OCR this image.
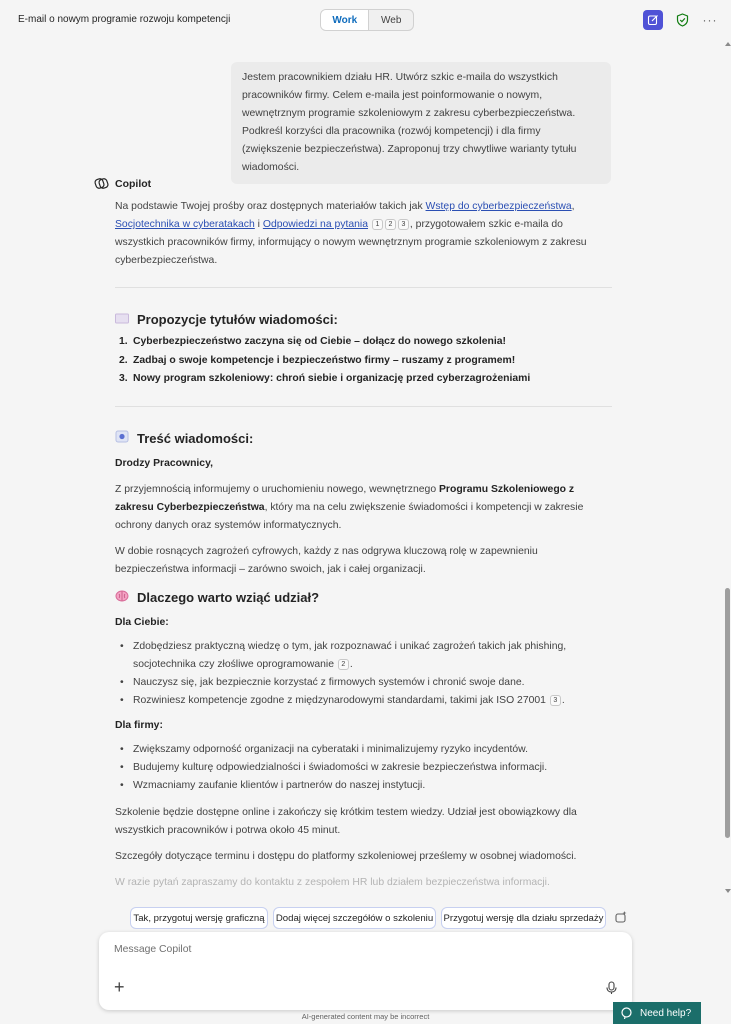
E-mail o nowym programie rozwoju kompetencji	Work	Web	···
Jestem pracownikiem działu HR. Utwórz szkic e-maila do wszystkich pracowników firmy. Celem e-maila jest poinformowanie o nowym, wewnętrznym programie szkoleniowym z zakresu cyberbezpieczeństwa. Podkreśl korzyści dla pracownika (rozwój kompetencji) i dla firmy (zwiększenie bezpieczeństwa). Zaproponuj trzy chwytliwe warianty tytułu wiadomości.
Copilot
Na podstawie Twojej prośby oraz dostępnych materiałów takich jak Wstęp do cyberbezpieczeństwa, Socjotechnika w cyberatakach i Odpowiedzi na pytania 1 2 3 , przygotowałem szkic e-maila do wszystkich pracowników firmy, informujący o nowym wewnętrznym programie szkoleniowym z zakresu cyberbezpieczeństwa.
Propozycje tytułów wiadomości:
1. Cyberbezpieczeństwo zaczyna się od Ciebie – dołącz do nowego szkolenia!
2. Zadbaj o swoje kompetencje i bezpieczeństwo firmy – ruszamy z programem!
3. Nowy program szkoleniowy: chroń siebie i organizację przed cyberzagrożeniami
Treść wiadomości:
Drodzy Pracownicy,
Z przyjemnością informujemy o uruchomieniu nowego, wewnętrznego Programu Szkoleniowego z zakresu Cyberbezpieczeństwa, który ma na celu zwiększenie świadomości i kompetencji w zakresie ochrony danych oraz systemów informatycznych.
W dobie rosnących zagrożeń cyfrowych, każdy z nas odgrywa kluczową rolę w zapewnieniu bezpieczeństwa informacji – zarówno swoich, jak i całej organizacji.
Dlaczego warto wziąć udział?
Dla Ciebie:
• Zdobędziesz praktyczną wiedzę o tym, jak rozpoznawać i unikać zagrożeń takich jak phishing, socjotechnika czy złośliwe oprogramowanie 2 .
• Nauczysz się, jak bezpiecznie korzystać z firmowych systemów i chronić swoje dane.
• Rozwiniesz kompetencje zgodne z międzynarodowymi standardami, takimi jak ISO 27001 3 .
Dla firmy:
• Zwiększamy odporność organizacji na cyberataki i minimalizujemy ryzyko incydentów.
• Budujemy kulturę odpowiedzialności i świadomości w zakresie bezpieczeństwa informacji.
• Wzmacniamy zaufanie klientów i partnerów do naszej instytucji.
Szkolenie będzie dostępne online i zakończy się krótkim testem wiedzy. Udział jest obowiązkowy dla wszystkich pracowników i potrwa około 45 minut.
Szczegóły dotyczące terminu i dostępu do platformy szkoleniowej prześlemy w osobnej wiadomości.
W razie pytań zapraszamy do kontaktu z zespołem HR lub działem bezpieczeństwa informacji.
Tak, przygotuj wersję graficzną	Dodaj więcej szczegółów o szkoleniu Przygotuj wersję dla działu sprzedaży
Message Copilot
+
AI-generated content may be incorrect	Need help?
